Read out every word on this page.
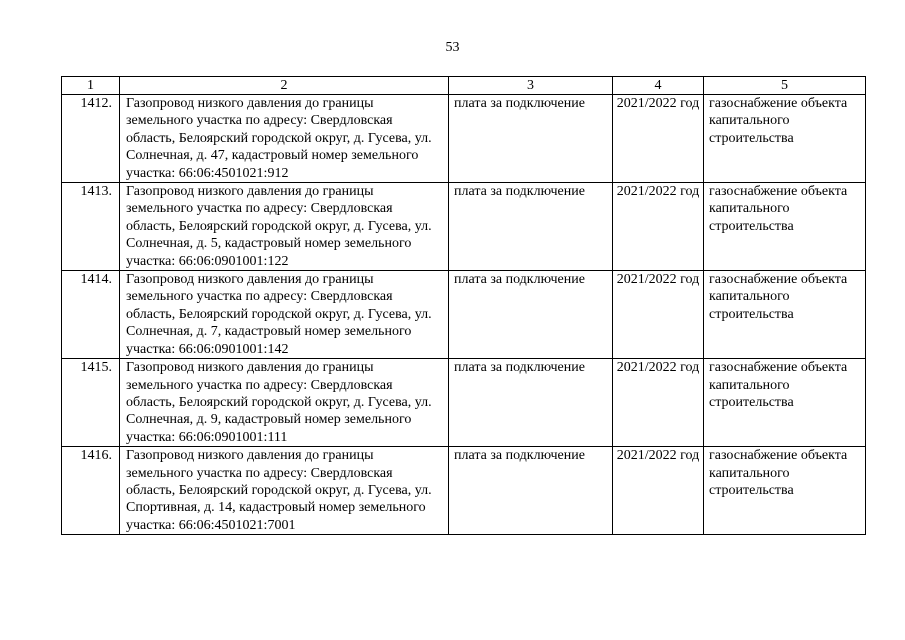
53
1	2	3	4	5
1412.	Газопровод низкого давления до границы земельного участка по адресу: Свердловская область, Белоярский городской округ, д. Гусева, ул. Солнечная, д. 47, кадастровый номер земельного участка: 66:06:4501021:912	плата за подключение	2021/2022 год	газоснабжение объекта капитального строительства
1413.	Газопровод низкого давления до границы земельного участка по адресу: Свердловская область, Белоярский городской округ, д. Гусева, ул. Солнечная, д. 5, кадастровый номер земельного участка: 66:06:0901001:122	плата за подключение	2021/2022 год	газоснабжение объекта капитального строительства
1414.	Газопровод низкого давления до границы земельного участка по адресу: Свердловская область, Белоярский городской округ, д. Гусева, ул. Солнечная, д. 7, кадастровый номер земельного участка: 66:06:0901001:142	плата за подключение	2021/2022 год	газоснабжение объекта капитального строительства
1415.	Газопровод низкого давления до границы земельного участка по адресу: Свердловская область, Белоярский городской округ, д. Гусева, ул. Солнечная, д. 9, кадастровый номер земельного участка: 66:06:0901001:111	плата за подключение	2021/2022 год	газоснабжение объекта капитального строительства
1416.	Газопровод низкого давления до границы земельного участка по адресу: Свердловская область, Белоярский городской округ, д. Гусева, ул. Спортивная, д. 14, кадастровый номер земельного участка: 66:06:4501021:7001	плата за подключение	2021/2022 год	газоснабжение объекта капитального строительства
